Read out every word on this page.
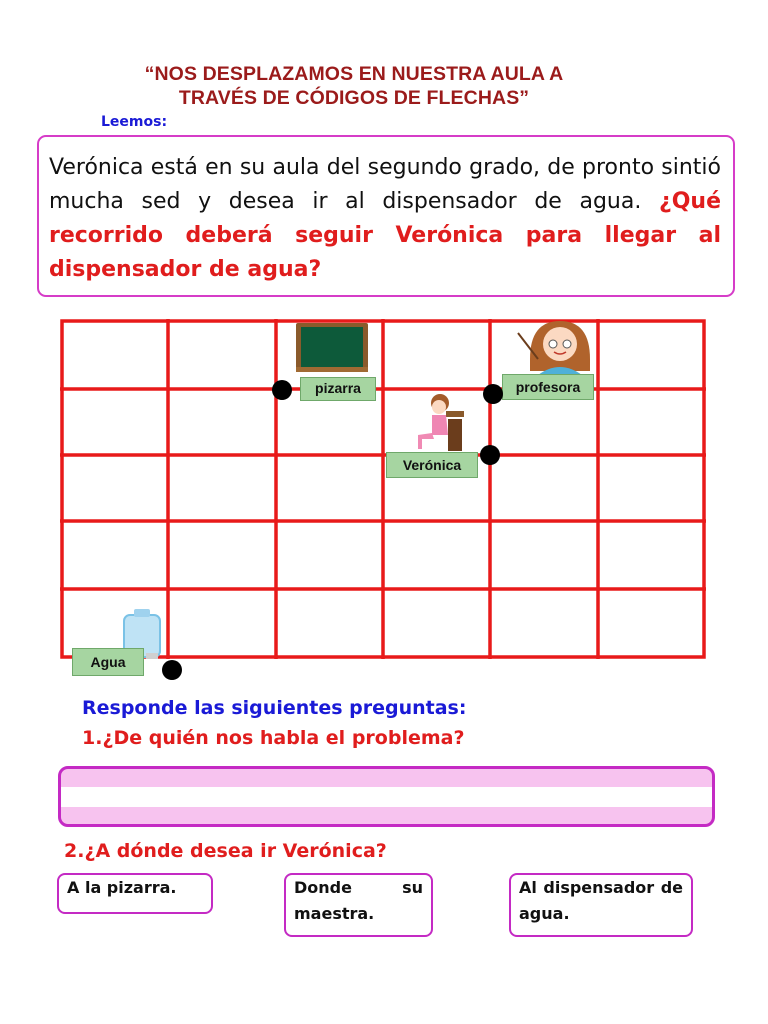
“NOS DESPLAZAMOS EN NUESTRA AULA A
TRAVÉS DE CÓDIGOS DE FLECHAS”
Leemos:
Verónica está en su aula del segundo grado, de pronto sintió mucha sed y desea ir al dispensador de agua. ¿Qué recorrido deberá seguir Verónica para llegar al dispensador de agua?
pizarra	profesora
Verónica
Agua
Responde las siguientes preguntas:
1.¿De quién nos habla el problema?
2.¿A dónde desea ir Verónica?
A la pizarra.	Donde su maestra.
Al dispensador de agua.
